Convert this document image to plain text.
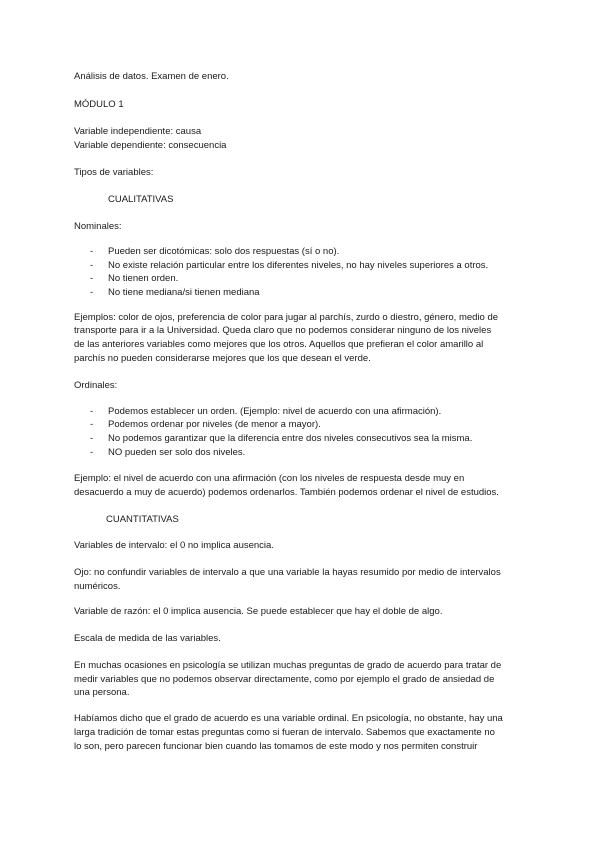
Análisis de datos. Examen de enero.
MÓDULO 1
Variable independiente: causa
Variable dependiente: consecuencia
Tipos de variables:
CUALITATIVAS
Nominales:
- Pueden ser dicotómicas: solo dos respuestas (sí o no).
- No existe relación particular entre los diferentes niveles, no hay niveles superiores a otros.
- No tienen orden.
- No tiene mediana/si tienen mediana
Ejemplos: color de ojos, preferencia de color para jugar al parchís, zurdo o diestro, género, medio de
transporte para ir a la Universidad. Queda claro que no podemos considerar ninguno de los niveles
de las anteriores variables como mejores que los otros. Aquellos que prefieran el color amarillo al
parchís no pueden considerarse mejores que los que desean el verde.
Ordinales:
- Podemos establecer un orden. (Ejemplo: nivel de acuerdo con una afirmación).
- Podemos ordenar por niveles (de menor a mayor).
- No podemos garantizar que la diferencia entre dos niveles consecutivos sea la misma.
- NO pueden ser solo dos niveles.
Ejemplo: el nivel de acuerdo con una afirmación (con los niveles de respuesta desde muy en
desacuerdo a muy de acuerdo) podemos ordenarlos. También podemos ordenar el nivel de estudios.
CUANTITATIVAS
Variables de intervalo: el 0 no implica ausencia.
Ojo: no confundir variables de intervalo a que una variable la hayas resumido por medio de intervalos
numéricos.
Variable de razón: el 0 implica ausencia. Se puede establecer que hay el doble de algo.
Escala de medida de las variables.
En muchas ocasiones en psicología se utilizan muchas preguntas de grado de acuerdo para tratar de
medir variables que no podemos observar directamente, como por ejemplo el grado de ansiedad de
una persona.
Habíamos dicho que el grado de acuerdo es una variable ordinal. En psicología, no obstante, hay una
larga tradición de tomar estas preguntas como si fueran de intervalo. Sabemos que exactamente no
lo son, pero parecen funcionar bien cuando las tomamos de este modo y nos permiten construir
